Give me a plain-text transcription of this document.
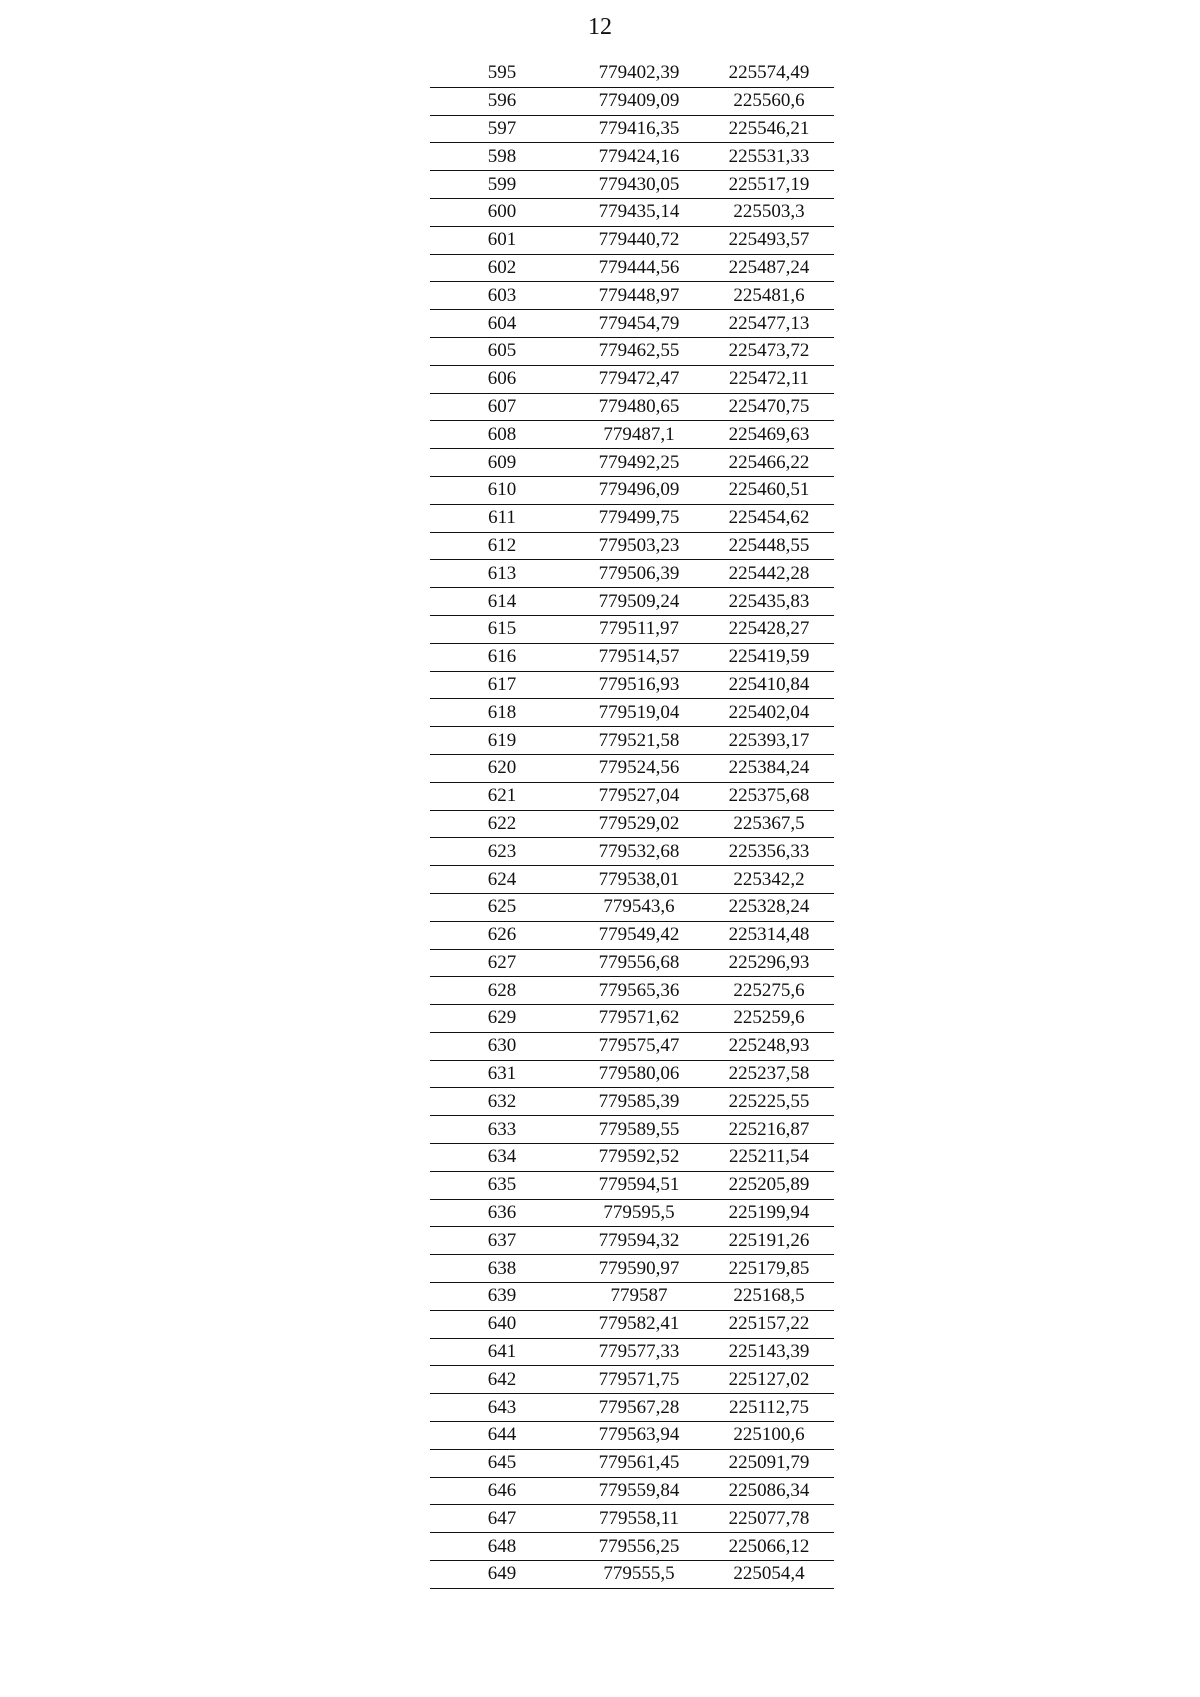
12
595	779402,39	225574,49
596	779409,09	225560,6
597	779416,35	225546,21
598	779424,16	225531,33
599	779430,05	225517,19
600	779435,14	225503,3
601	779440,72	225493,57
602	779444,56	225487,24
603	779448,97	225481,6
604	779454,79	225477,13
605	779462,55	225473,72
606	779472,47	225472,11
607	779480,65	225470,75
608	779487,1	225469,63
609	779492,25	225466,22
610	779496,09	225460,51
611	779499,75	225454,62
612	779503,23	225448,55
613	779506,39	225442,28
614	779509,24	225435,83
615	779511,97	225428,27
616	779514,57	225419,59
617	779516,93	225410,84
618	779519,04	225402,04
619	779521,58	225393,17
620	779524,56	225384,24
621	779527,04	225375,68
622	779529,02	225367,5
623	779532,68	225356,33
624	779538,01	225342,2
625	779543,6	225328,24
626	779549,42	225314,48
627	779556,68	225296,93
628	779565,36	225275,6
629	779571,62	225259,6
630	779575,47	225248,93
631	779580,06	225237,58
632	779585,39	225225,55
633	779589,55	225216,87
634	779592,52	225211,54
635	779594,51	225205,89
636	779595,5	225199,94
637	779594,32	225191,26
638	779590,97	225179,85
639	779587	225168,5
640	779582,41	225157,22
641	779577,33	225143,39
642	779571,75	225127,02
643	779567,28	225112,75
644	779563,94	225100,6
645	779561,45	225091,79
646	779559,84	225086,34
647	779558,11	225077,78
648	779556,25	225066,12
649	779555,5	225054,4
